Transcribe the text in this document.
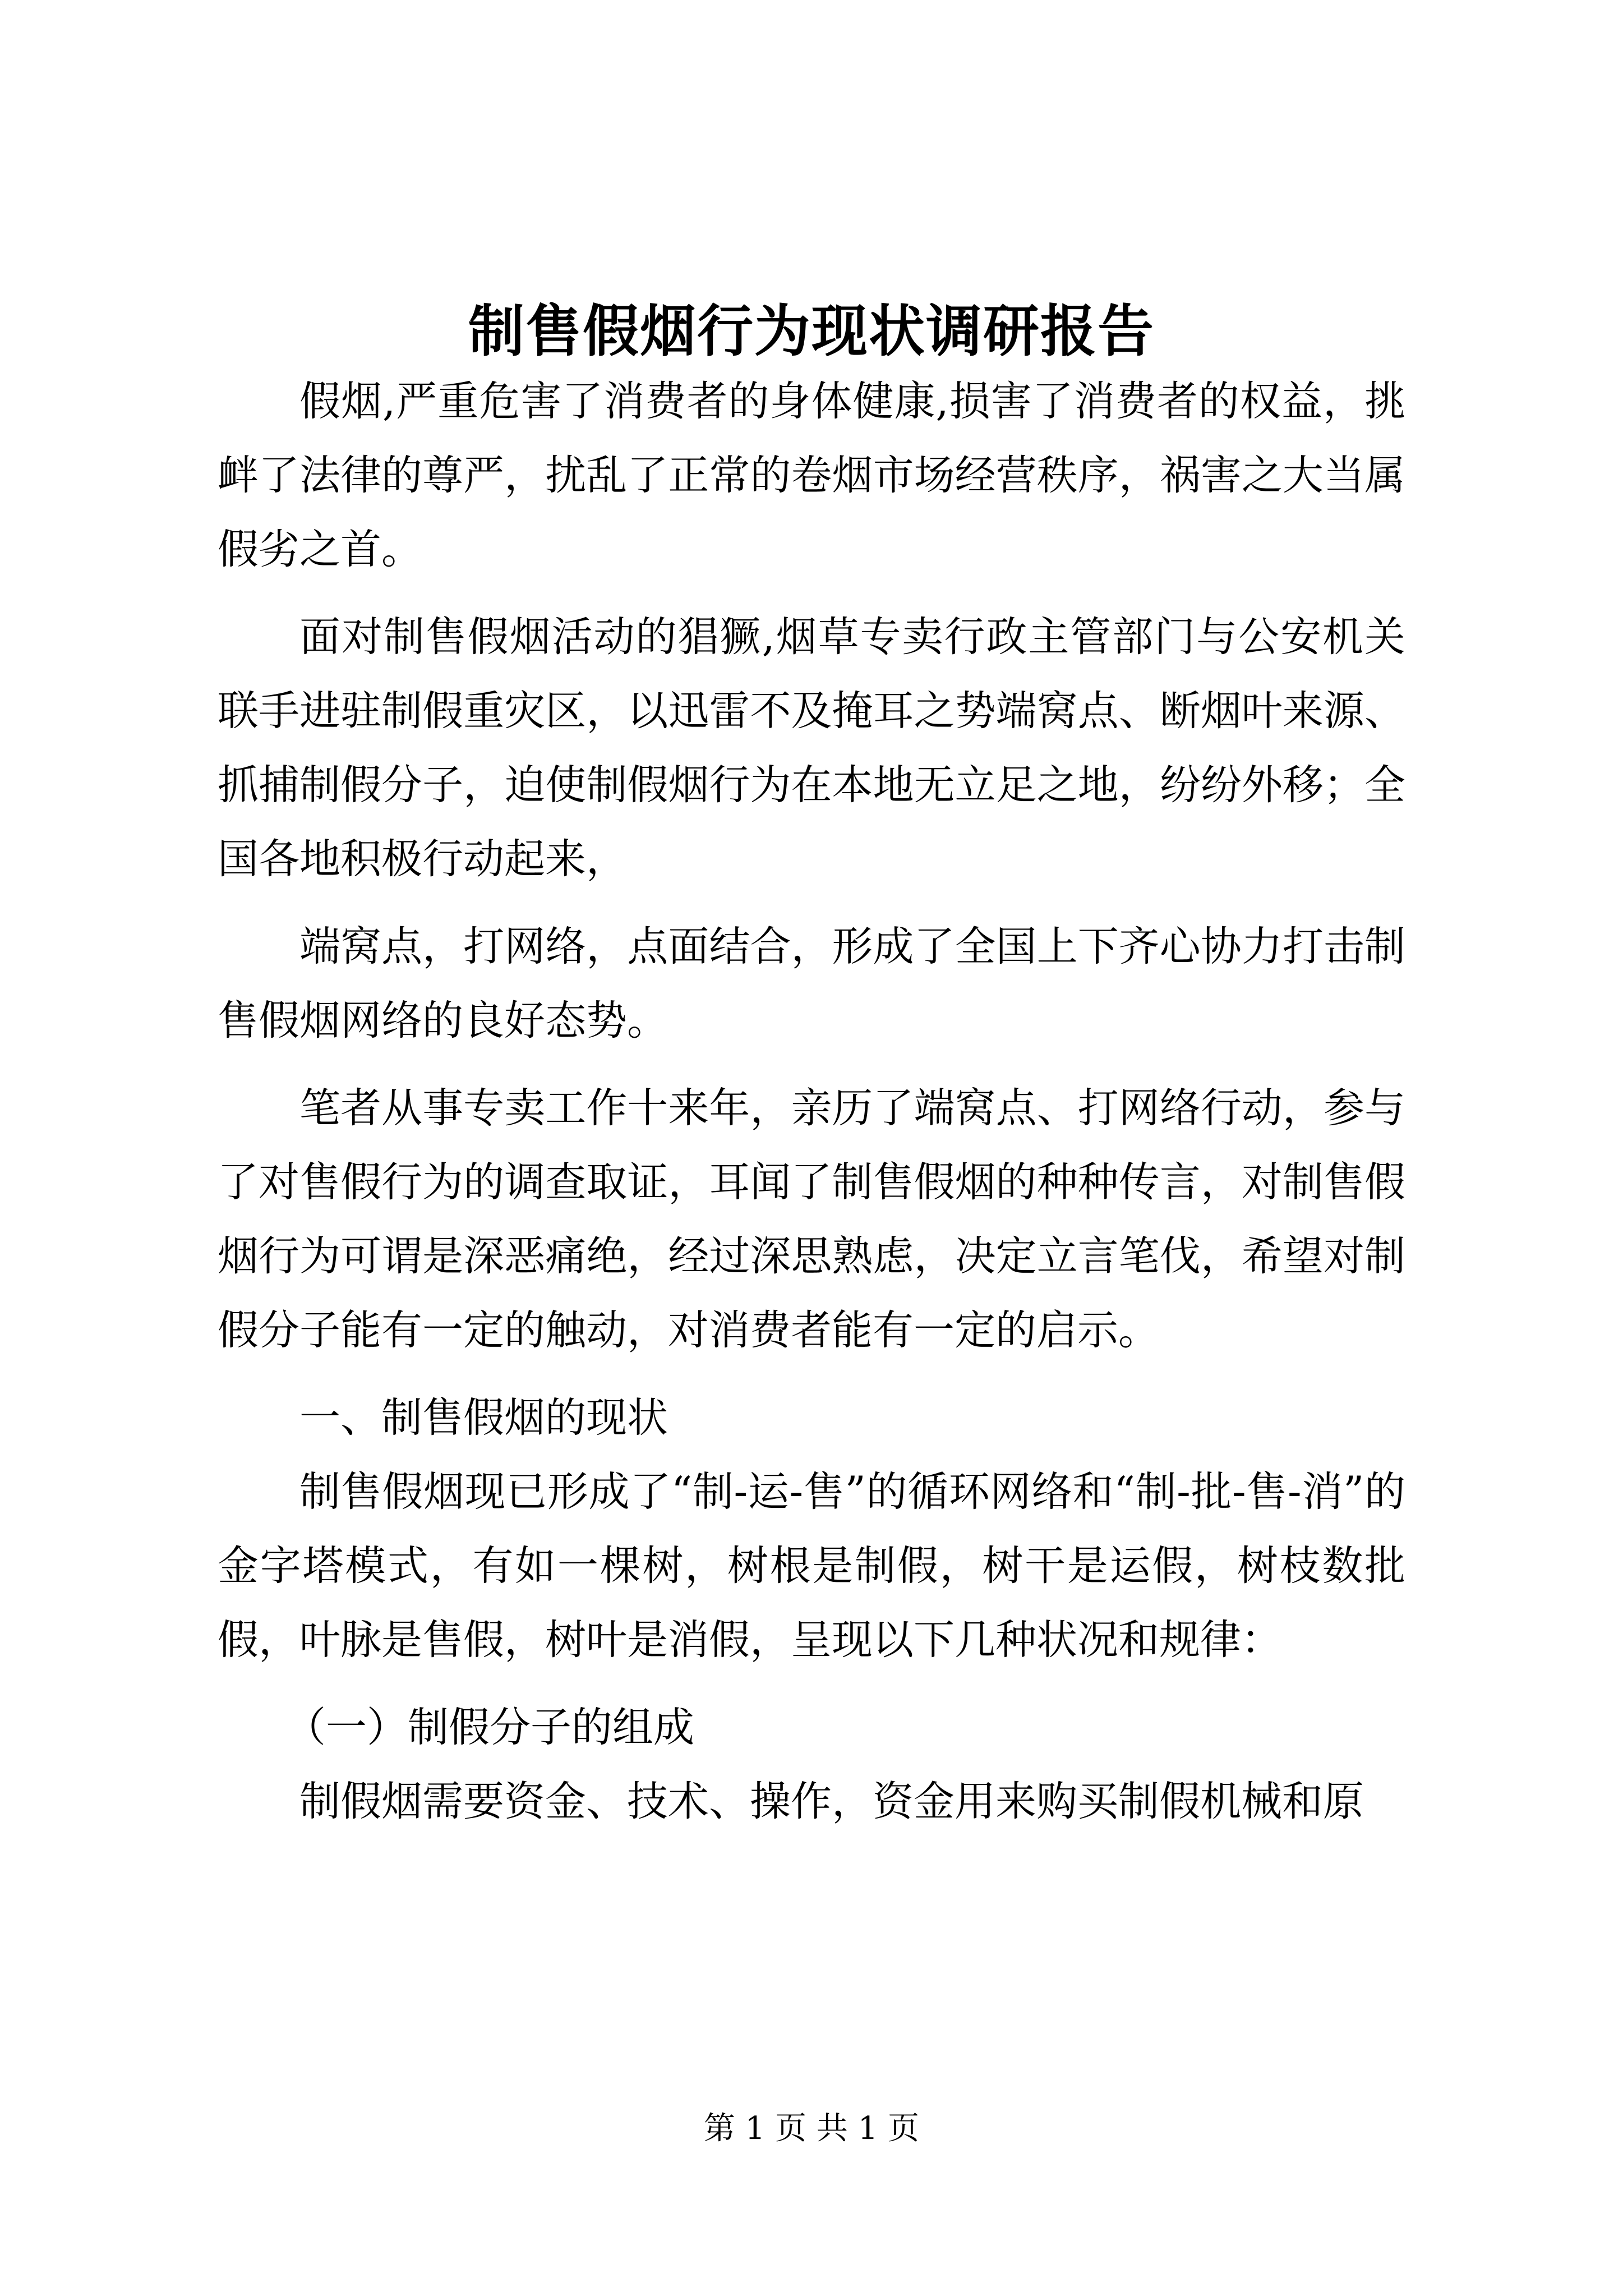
制售假烟行为现状调研报告

假烟,严重危害了消费者的身体健康,损害了消费者的权益，挑衅了法律的尊严，扰乱了正常的卷烟市场经营秩序，祸害之大当属假劣之首。

面对制售假烟活动的猖獗,烟草专卖行政主管部门与公安机关联手进驻制假重灾区，以迅雷不及掩耳之势端窝点、断烟叶来源、抓捕制假分子，迫使制假烟行为在本地无立足之地，纷纷外移；全国各地积极行动起来，

端窝点，打网络，点面结合，形成了全国上下齐心协力打击制售假烟网络的良好态势。

笔者从事专卖工作十来年，亲历了端窝点、打网络行动，参与了对售假行为的调查取证，耳闻了制售假烟的种种传言，对制售假烟行为可谓是深恶痛绝，经过深思熟虑，决定立言笔伐，希望对制假分子能有一定的触动，对消费者能有一定的启示。

一、制售假烟的现状

制售假烟现已形成了“制-运-售”的循环网络和“制-批-售-消”的金字塔模式，有如一棵树，树根是制假，树干是运假，树枝数批假，叶脉是售假，树叶是消假，呈现以下几种状况和规律：

（一）制假分子的组成

制假烟需要资金、技术、操作，资金用来购买制假机械和原

第 1 页 共 1 页
